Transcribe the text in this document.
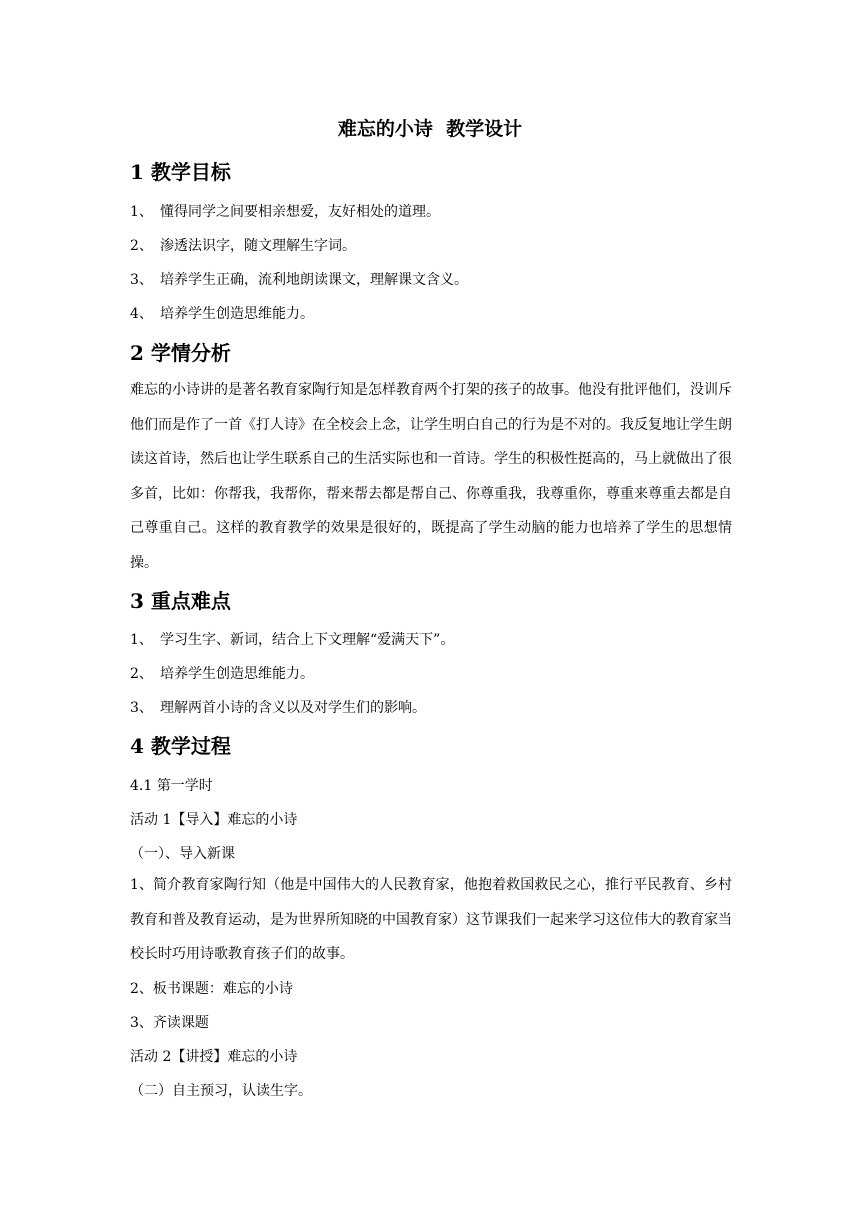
难忘的小诗  教学设计
1 教学目标
1、 懂得同学之间要相亲想爱，友好相处的道理。
2、 渗透法识字，随文理解生字词。
3、 培养学生正确，流利地朗读课文，理解课文含义。
4、 培养学生创造思维能力。
2 学情分析
难忘的小诗讲的是著名教育家陶行知是怎样教育两个打架的孩子的故事。他没有批评他们，没训斥他们而是作了一首《打人诗》在全校会上念，让学生明白自己的行为是不对的。我反复地让学生朗读这首诗，然后也让学生联系自己的生活实际也和一首诗。学生的积极性挺高的，马上就做出了很多首，比如：你帮我，我帮你，帮来帮去都是帮自己、你尊重我，我尊重你，尊重来尊重去都是自己尊重自己。这样的教育教学的效果是很好的，既提高了学生动脑的能力也培养了学生的思想情操。
3 重点难点
1、 学习生字、新词，结合上下文理解“爱满天下”。
2、 培养学生创造思维能力。
3、 理解两首小诗的含义以及对学生们的影响。
4 教学过程
4.1 第一学时
活动 1【导入】难忘的小诗
（一）、导入新课
1、简介教育家陶行知（他是中国伟大的人民教育家，他抱着救国救民之心，推行平民教育、乡村教育和普及教育运动，是为世界所知晓的中国教育家）这节课我们一起来学习这位伟大的教育家当校长时巧用诗歌教育孩子们的故事。
2、板书课题：难忘的小诗
3、齐读课题
活动 2【讲授】难忘的小诗
（二）自主预习，认读生字。
